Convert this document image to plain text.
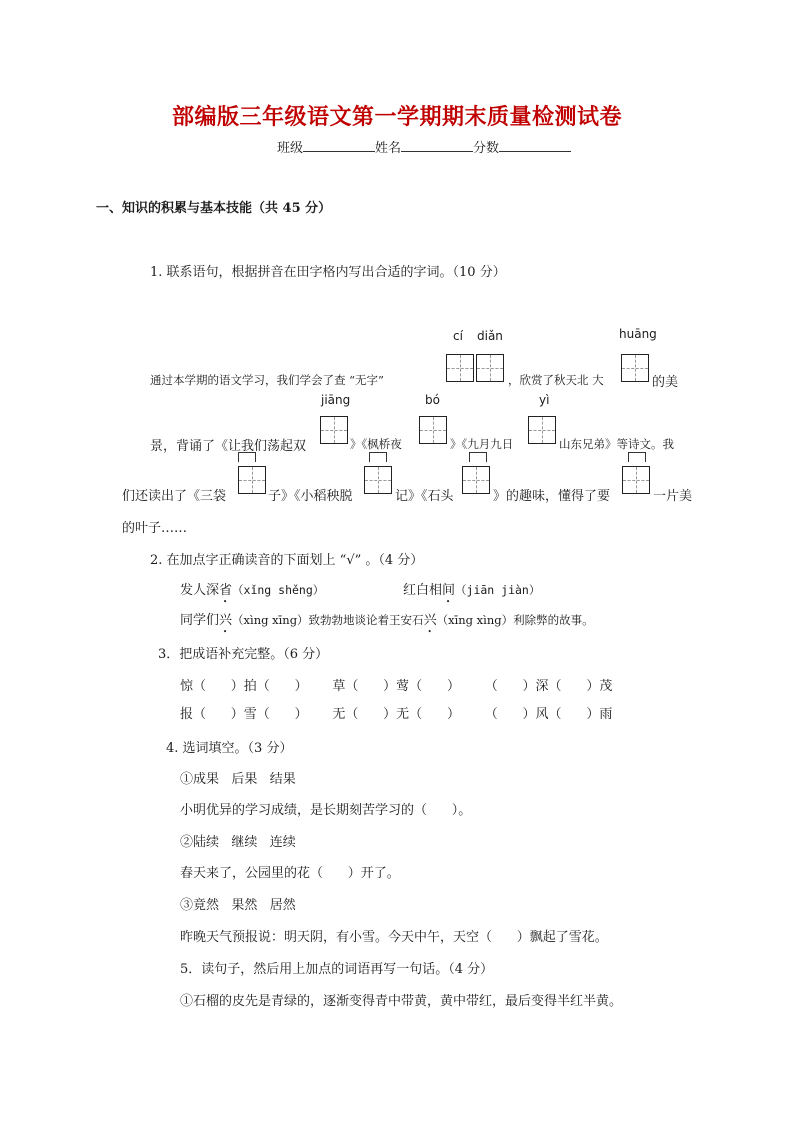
部编版三年级语文第一学期期末质量检测试卷
班级	姓名	分数
一、知识的积累与基本技能（共 45 分）
1. 联系语句，根据拼音在田字格内写出合适的字词。（10 分）
cí diǎn	huāng
jiāng	bó	yì
通过本学期的语文学习，我们学会了查 “无字”	，欣赏了秋天北 大	的美
景，背诵了《让我们荡起双	》《枫桥夜	》《九月九日	山东兄弟》等诗文。我
们还读出了《三袋	子》《小稻秧脱	记》《石头	》的趣味，懂得了要	一片美
的叶子……
2. 在加点字正确读音的下面划上 “√” 。（4 分）
发人深省（xǐng shěng）	红白相间（jiān jiàn）
同学们兴（xìng xīng）致勃勃地谈论着王安石兴（xīng xìng）利除弊的故事。
3．把成语补充完整。（6 分）
惊（      ）拍（      ）      草（      ）莺（      ）      （      ）深（      ）茂
报（      ）雪（      ）      无（      ）无（      ）      （      ）风（      ）雨
4. 选词填空。（3 分）
①成果   后果   结果
小明优异的学习成绩，是长期刻苦学习的（      ）。
②陆续   继续   连续
春天来了，公园里的花（      ）开了。
③竟然   果然   居然
昨晚天气预报说：明天阴，有小雪。今天中午，天空（      ）飘起了雪花。
5．读句子，然后用上加点的词语再写一句话。（4 分）
①石榴的皮先是青绿的，逐渐变得青中带黄，黄中带红，最后变得半红半黄。
